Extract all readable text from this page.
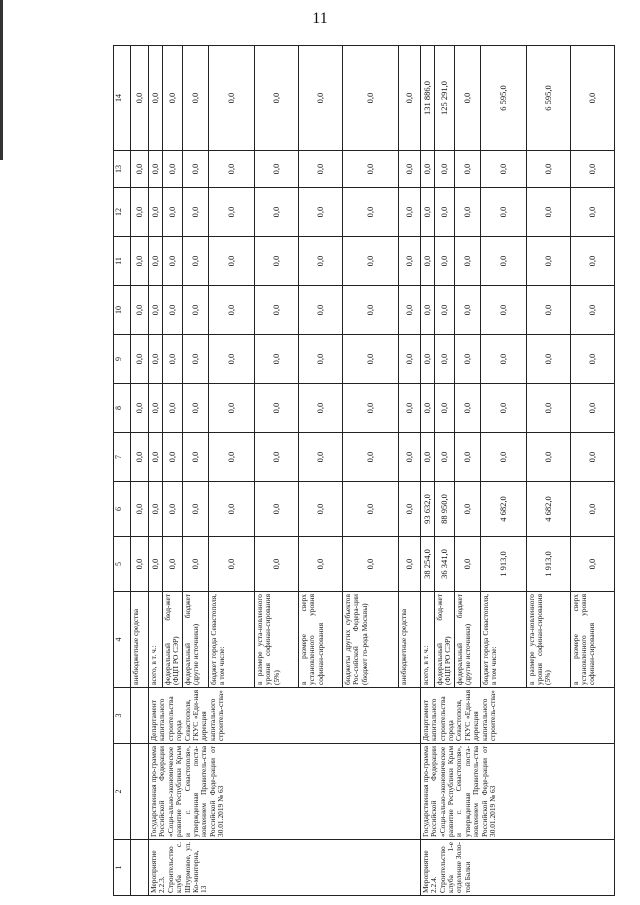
11
1	2	3	4	5	6	7	8	9	10	11	12	13	14
			внебюджетные средства	0,0	0,0	0,0	0,0	0,0	0,0	0,0	0,0	0,0	0,0
Мероприятие 2.2.3. Строительство клуба с. Штурмовое, ул. Ко-минтерна, 13	Государственная про-грамма Российской Федерации «Соци-ально-экономическое развитие Республики Крым и г. Севастополя», утвержденная поста-новлением Правитель-ства Российской Феде-рации от 30.01.2019 № 63	Департамент капитального строительства города Севастополя, ГКУС «Еди-ная дирекция капитального строитель-ства»	всего, в т. ч.:	0,0	0,0	0,0	0,0	0,0	0,0	0,0	0,0	0,0	0,0
			федеральный бюд-жет (ФЦП РО СЭР)	0,0	0,0	0,0	0,0	0,0	0,0	0,0	0,0	0,0	0,0
			федеральный бюджет (другие источники)	0,0	0,0	0,0	0,0	0,0	0,0	0,0	0,0	0,0	0,0
			бюджет города Севастополя, в том числе:	0,0	0,0	0,0	0,0	0,0	0,0	0,0	0,0	0,0	0,0
			в размере уста-новленного уровня софинан-сирования (5%)	0,0	0,0	0,0	0,0	0,0	0,0	0,0	0,0	0,0	0,0
			в размере сверх установленного уровня софинан-сирования	0,0	0,0	0,0	0,0	0,0	0,0	0,0	0,0	0,0	0,0
			бюджеты других субъектов Рос-сийской Федера-ции (бюджет го-рода Москвы)	0,0	0,0	0,0	0,0	0,0	0,0	0,0	0,0	0,0	0,0
			внебюджетные средства	0,0	0,0	0,0	0,0	0,0	0,0	0,0	0,0	0,0	0,0
Мероприятие 2.2.4. Строительство клуба 1-е отделение Золо-той Балки	Государственная про-грамма Российской Федерации «Соци-ально-экономическое развитие Республики Крым и г. Севастополя», утвержденная поста-новлением Правитель-ства Российской Феде-рации от 30.01.2019 № 63	Департамент капитального строительства города Севастополя, ГКУС «Еди-ная дирекция капитального строитель-ства»	всего, в т. ч.:	38 254,0	93 632,0	0,0	0,0	0,0	0,0	0,0	0,0	0,0	131 886,0
			федеральный бюд-жет (ФЦП РО СЭР)	36 341,0	88 950,0	0,0	0,0	0,0	0,0	0,0	0,0	0,0	125 291,0
			федеральный бюджет (другие источники)	0,0	0,0	0,0	0,0	0,0	0,0	0,0	0,0	0,0	0,0
			бюджет города Севастополя, в том числе:	1 913,0	4 682,0	0,0	0,0	0,0	0,0	0,0	0,0	0,0	6 595,0
			в размере уста-новленного уровня софинан-сирования (5%)	1 913,0	4 682,0	0,0	0,0	0,0	0,0	0,0	0,0	0,0	6 595,0
			в размере сверх установленного уровня софинан-сирования	0,0	0,0	0,0	0,0	0,0	0,0	0,0	0,0	0,0	0,0
